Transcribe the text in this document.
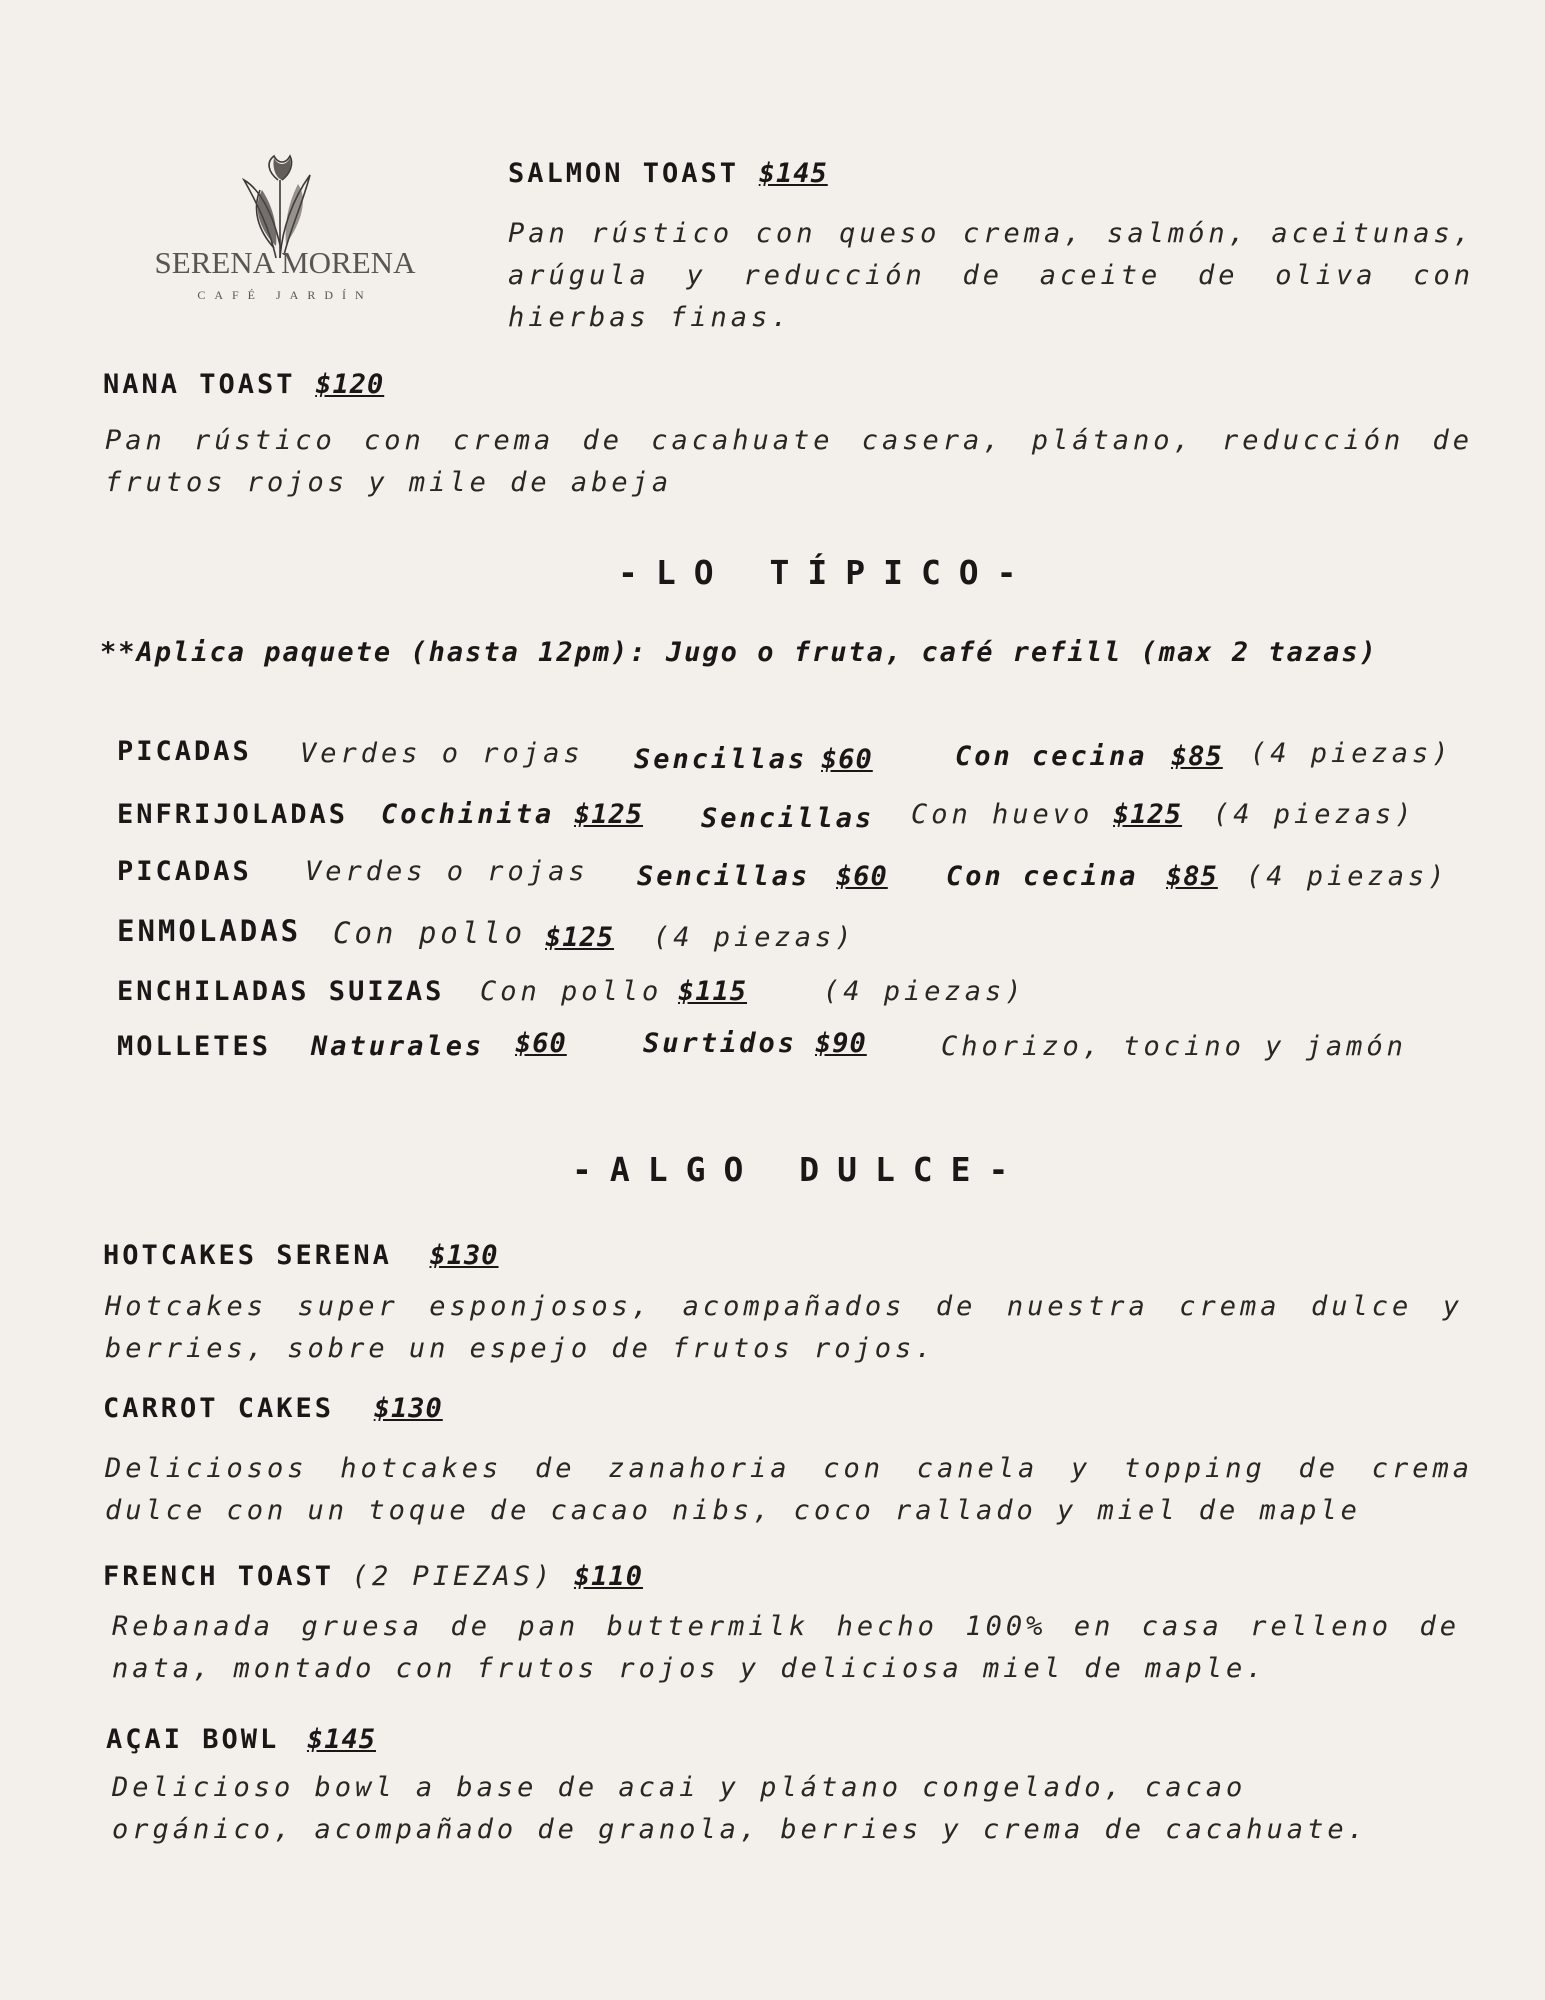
SERENA MORENA
CAFÉ JARDÍN
SALMON TOAST $145
Pan rústico con queso crema, salmón, aceitunas, arúgula y reducción de aceite de oliva con hierbas finas.
NANA TOAST $120
Pan rústico con crema de cacahuate casera, plátano, reducción de frutos rojos y mile de abeja
-LO TÍPICO-
**Aplica paquete (hasta 12pm): Jugo o fruta, café refill (max 2 tazas)
PICADAS Verdes o rojas Sencillas $60	Con cecina $85 (4 piezas)
ENFRIJOLADAS Cochinita $125 Sencillas Con huevo $125 (4 piezas)
PICADAS Verdes o rojas Sencillas $60 Con cecina $85 (4 piezas)
ENMOLADAS Con pollo $125 (4 piezas)
ENCHILADAS SUIZAS Con pollo $115	(4 piezas)
MOLLETES Naturales $60	Surtidos $90	Chorizo, tocino y jamón
-ALGO DULCE-
HOTCAKES SERENA $130
Hotcakes super esponjosos, acompañados de nuestra crema dulce y berries, sobre un espejo de frutos rojos.
CARROT CAKES $130
Deliciosos hotcakes de zanahoria con canela y topping de crema dulce con un toque de cacao nibs, coco rallado y miel de maple
FRENCH TOAST (2 PIEZAS) $110
Rebanada gruesa de pan buttermilk hecho 100% en casa relleno de nata, montado con frutos rojos y deliciosa miel de maple.
AÇAI BOWL $145
Delicioso bowl a base de acai y plátano congelado, cacao orgánico, acompañado de granola, berries y crema de cacahuate.
